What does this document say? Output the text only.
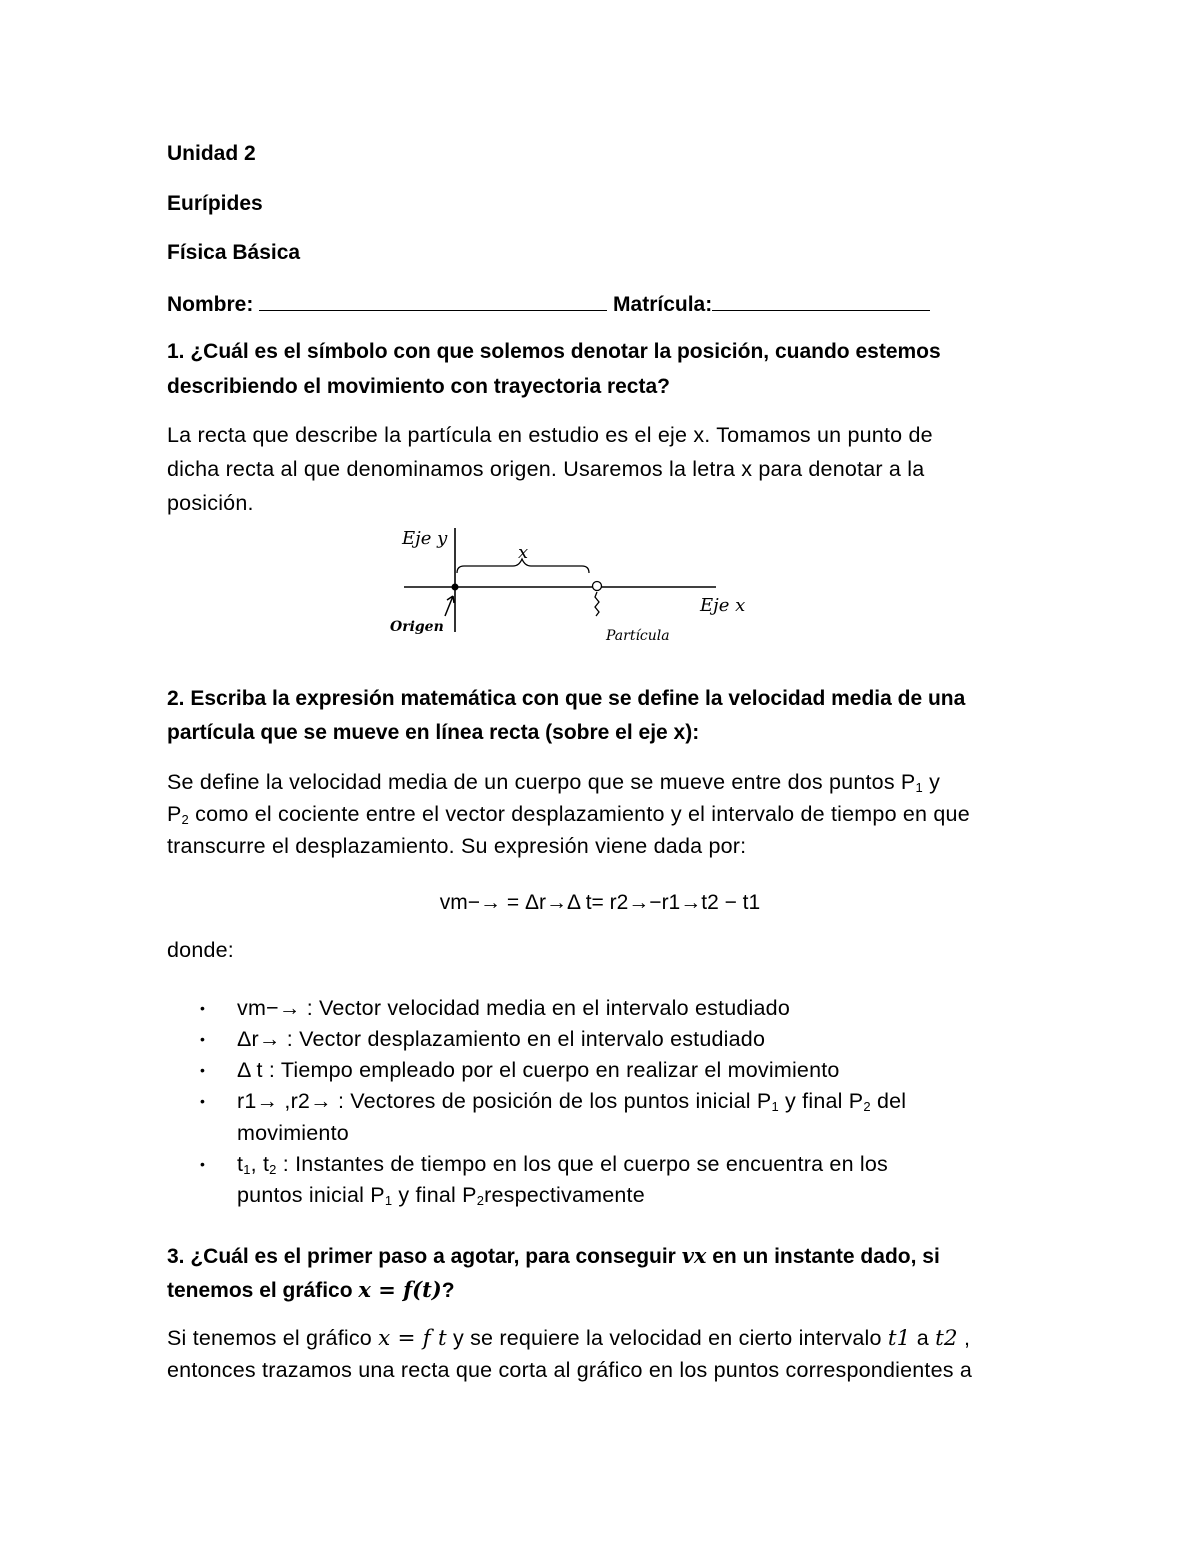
Unidad 2
Eurípides
Física Básica
Nombre:	Matrícula:
1. ¿Cuál es el símbolo con que solemos denotar la posición, cuando estemos
describiendo el movimiento con trayectoria recta?
La recta que describe la partícula en estudio es el eje x. Tomamos un punto de
dicha recta al que denominamos origen. Usaremos la letra x para denotar a la
posición.
Eje y
x
Origen
Eje x
Partícula
2. Escriba la expresión matemática con que se define la velocidad media de una
partícula que se mueve en línea recta (sobre el eje x):
Se define la velocidad media de un cuerpo que se mueve entre dos puntos $P_1$ y
$P_2$ como el cociente entre el vector desplazamiento y el intervalo de tiempo en que
transcurre el desplazamiento. Su expresión viene dada por:
vm−→ = Δr→Δ t= r2→−r1→t2 − t1
donde:
• vm−→ : Vector velocidad media en el intervalo estudiado
• Δr→ : Vector desplazamiento en el intervalo estudiado
• Δ t : Tiempo empleado por el cuerpo en realizar el movimiento
• r1→ ,r2→ : Vectores de posición de los puntos inicial $P_1$ y final $P_2$ del
movimiento
• $t_1$, $t_2$ : Instantes de tiempo en los que el cuerpo se encuentra en los
puntos inicial $P_1$ y final $P_2respectivamente$
3. ¿Cuál es el primer paso a agotar, para conseguir vx en un instante dado, si
tenemos el gráfico x = f(t)?
Si tenemos el gráfico x = f t y se requiere la velocidad en cierto intervalo t1 a t2 ,
entonces trazamos una recta que corta al gráfico en los puntos correspondientes a
